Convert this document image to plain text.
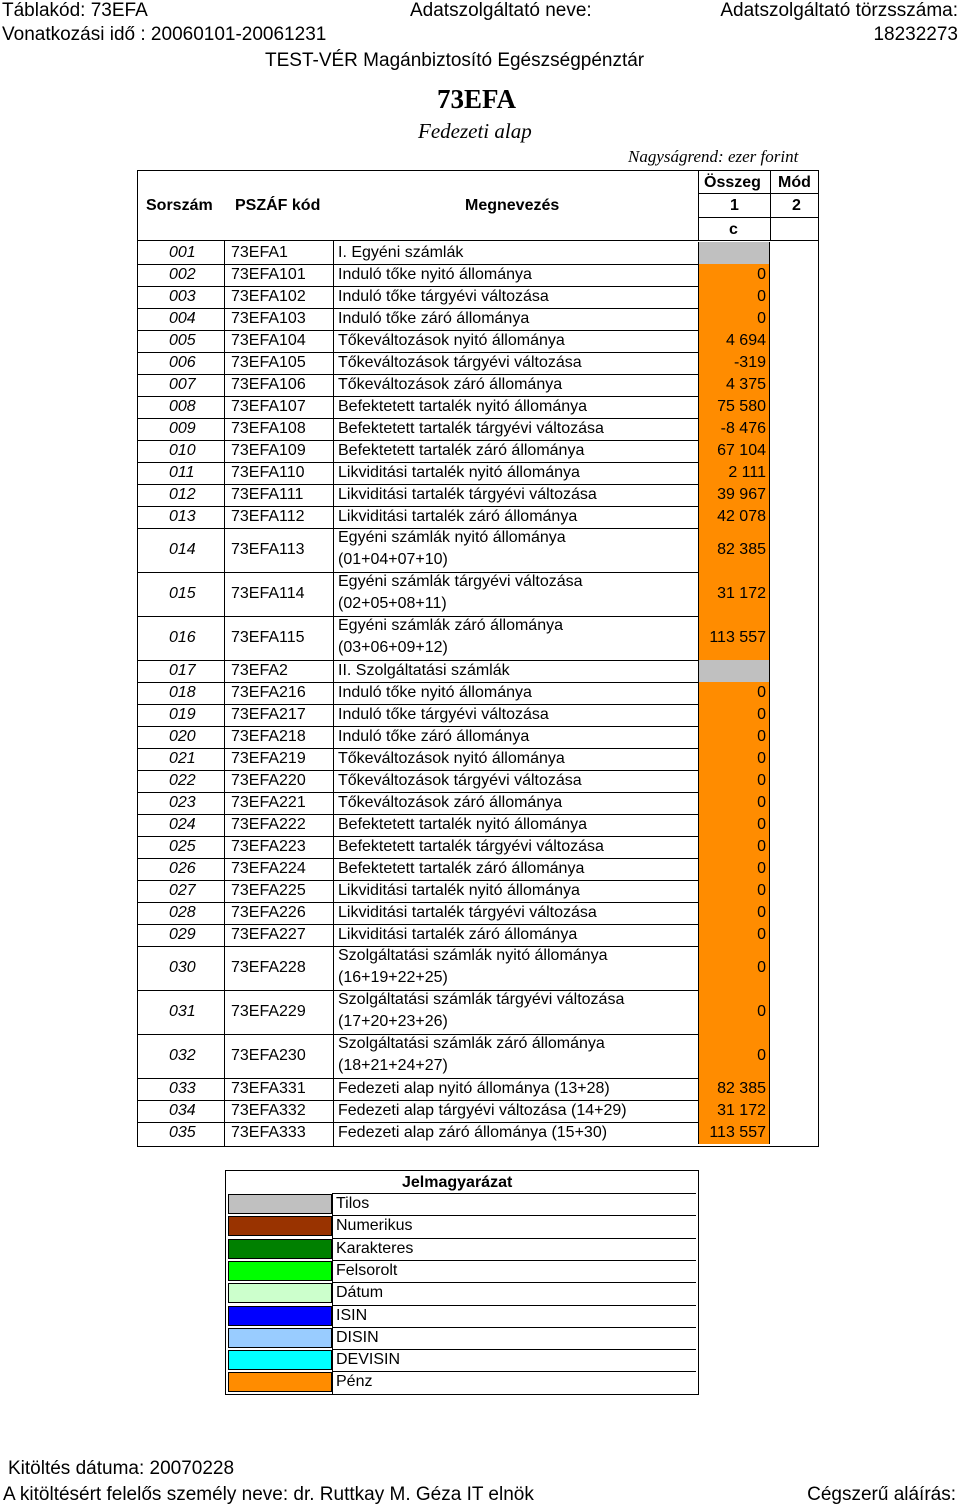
Táblakód: 73EFA	Adatszolgáltató neve:	Adatszolgáltató törzsszáma:
Vonatkozási idő : 20060101-20061231	18232273
TEST-VÉR Magánbiztosító Egészségpénztár
73EFA
Fedezeti alap
Nagyságrend: ezer forint
Sorszám PSZÁF kód	Megnevezés
Összeg Mód
1	2
c
001 73EFA1	I. Egyéni számlák
002 73EFA101 Induló tőke nyitó állománya	0
003 73EFA102 Induló tőke tárgyévi változása	0
004 73EFA103 Induló tőke záró állománya	0
005 73EFA104 Tőkeváltozások nyitó állománya	4 694
006 73EFA105 Tőkeváltozások tárgyévi változása	-319
007 73EFA106 Tőkeváltozások záró állománya	4 375
008 73EFA107 Befektetett tartalék nyitó állománya	75 580
009 73EFA108 Befektetett tartalék tárgyévi változása	-8 476
010 73EFA109 Befektetett tartalék záró állománya	67 104
011 73EFA110 Likviditási tartalék nyitó állománya	2 111
012 73EFA111 Likviditási tartalék tárgyévi változása	39 967
013 73EFA112 Likviditási tartalék záró állománya	42 078
014 73EFA113
Egyéni számlák nyitó állománya
(01+04+07+10)
82 385
015 73EFA114
Egyéni számlák tárgyévi változása
(02+05+08+11)
31 172
016 73EFA115
Egyéni számlák záró állománya
(03+06+09+12)
113 557
017 73EFA2	II. Szolgáltatási számlák
018 73EFA216 Induló tőke nyitó állománya	0
019 73EFA217 Induló tőke tárgyévi változása	0
020 73EFA218 Induló tőke záró állománya	0
021 73EFA219 Tőkeváltozások nyitó állománya	0
022 73EFA220 Tőkeváltozások tárgyévi változása	0
023 73EFA221 Tőkeváltozások záró állománya	0
024 73EFA222 Befektetett tartalék nyitó állománya	0
025 73EFA223 Befektetett tartalék tárgyévi változása	0
026 73EFA224 Befektetett tartalék záró állománya	0
027 73EFA225 Likviditási tartalék nyitó állománya	0
028 73EFA226 Likviditási tartalék tárgyévi változása	0
029 73EFA227 Likviditási tartalék záró állománya	0
030 73EFA228
Szolgáltatási számlák nyitó állománya
(16+19+22+25)
0
031 73EFA229
Szolgáltatási számlák tárgyévi változása
(17+20+23+26)
0
032 73EFA230
Szolgáltatási számlák záró állománya
(18+21+24+27)
0
033 73EFA331 Fedezeti alap nyitó állománya (13+28)	82 385
034 73EFA332 Fedezeti alap tárgyévi változása (14+29)	31 172
035 73EFA333 Fedezeti alap záró állománya (15+30)	113 557
Jelmagyarázat
Tilos
Numerikus
Karakteres
Felsorolt
Dátum
ISIN
DISIN
DEVISIN
Pénz
Kitöltés dátuma: 20070228
A kitöltésért felelős személy neve: dr. Ruttkay M. Géza IT elnök	Cégszerű aláírás:
